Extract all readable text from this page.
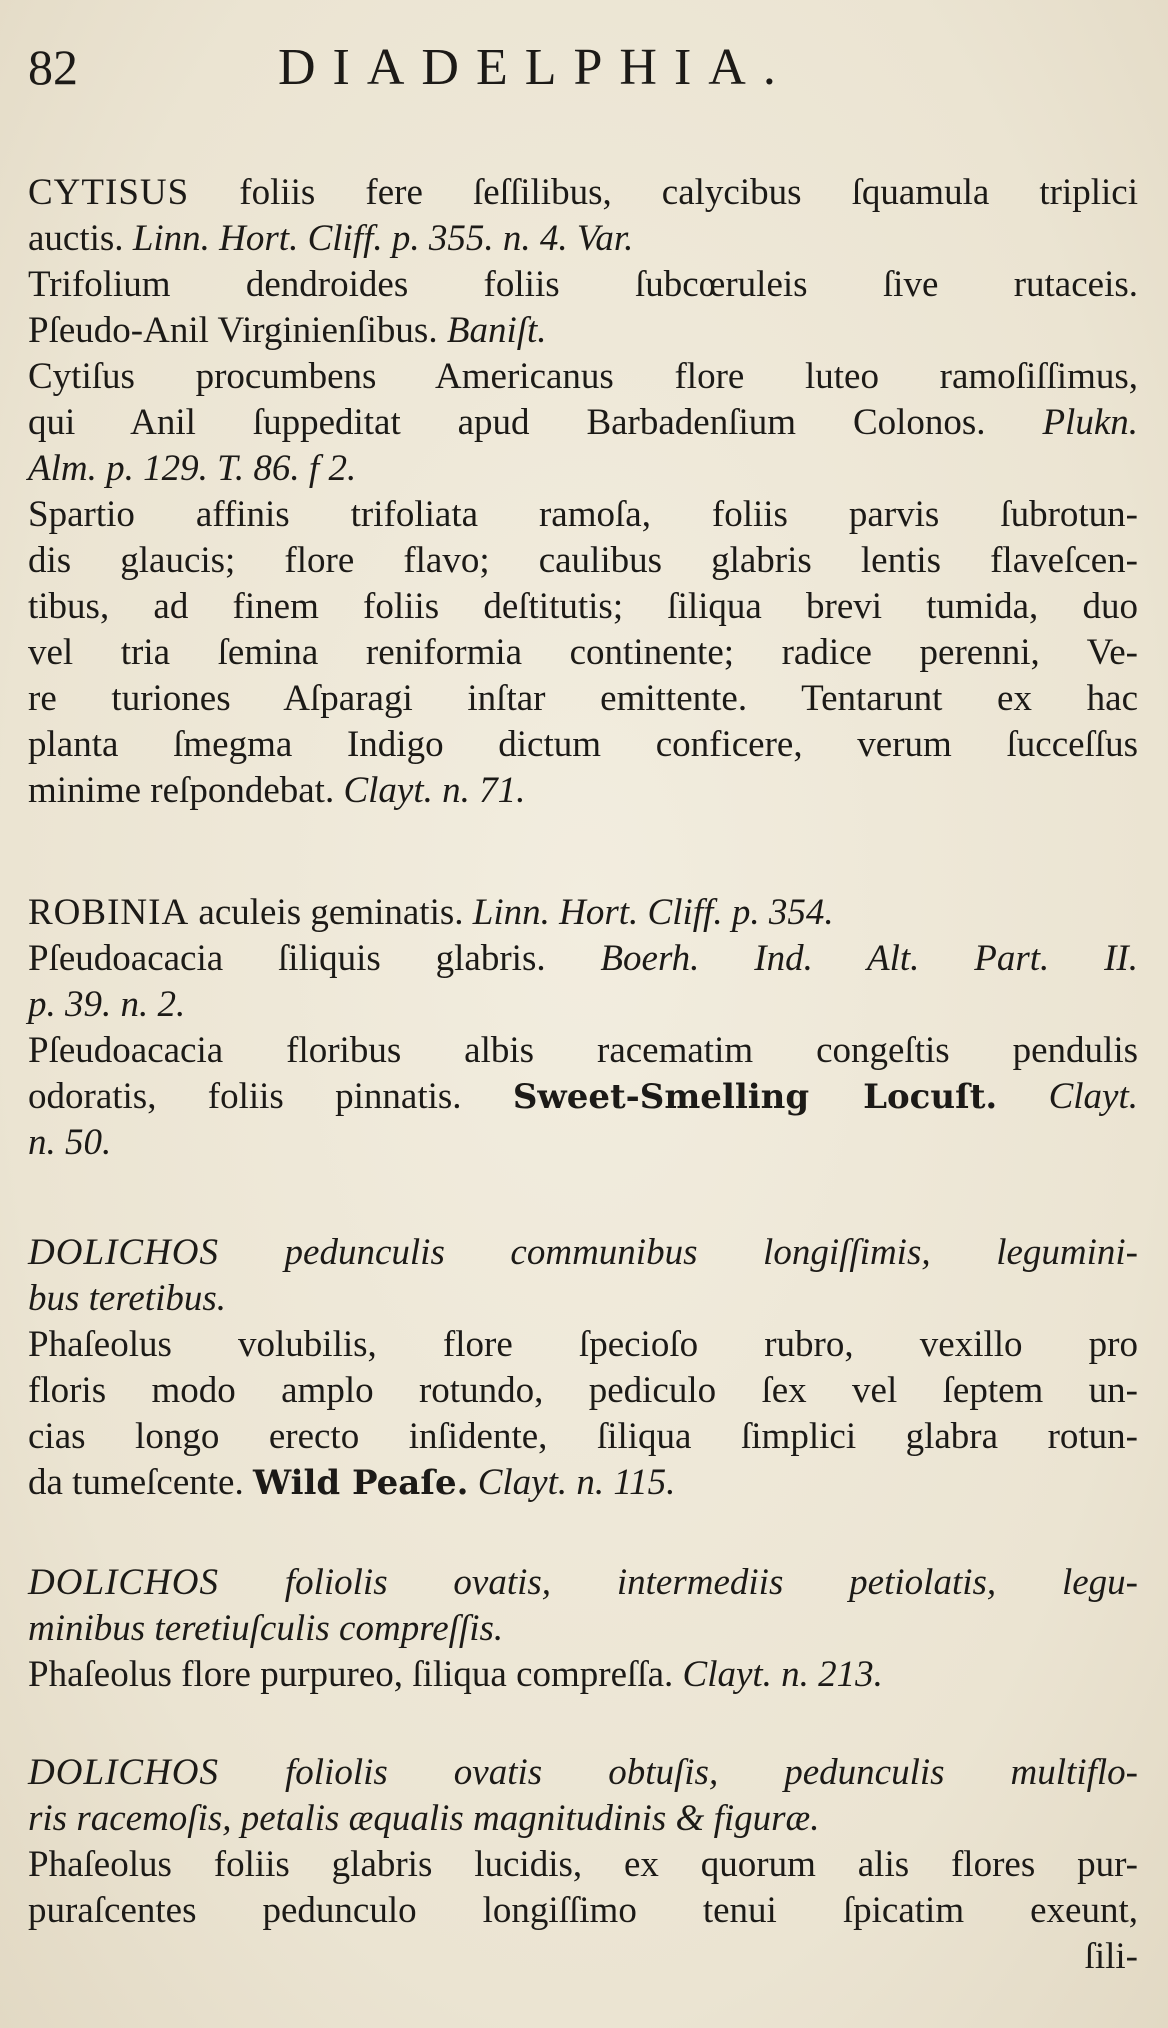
82	DIADELPHIA.
CYTISUS foliis fere ſeſſilibus, calycibus ſquamula triplici
auctis. Linn. Hort. Cliff. p. 355. n. 4. Var.
Trifolium dendroides foliis ſubcœruleis ſive rutaceis.
Pſeudo-Anil Virginienſibus. Baniſt.
Cytiſus procumbens Americanus flore luteo ramoſiſſimus,
qui Anil ſuppeditat apud Barbadenſium Colonos. Plukn.
Alm. p. 129. T. 86. f 2.
Spartio affinis trifoliata ramoſa, foliis parvis ſubrotun-
dis glaucis; flore flavo; caulibus glabris lentis flaveſcen-
tibus, ad finem foliis deſtitutis; ſiliqua brevi tumida, duo
vel tria ſemina reniformia continente; radice perenni, Ve-
re turiones Aſparagi inſtar emittente. Tentarunt ex hac
planta ſmegma Indigo dictum conficere, verum ſucceſſus
minime reſpondebat. Clayt. n. 71.
ROBINIA aculeis geminatis. Linn. Hort. Cliff. p. 354.
Pſeudoacacia ſiliquis glabris. Boerh. Ind. Alt. Part. II.
p. 39. n. 2.
Pſeudoacacia floribus albis racematim congeſtis pendulis
odoratis, foliis pinnatis. Sweet-Smelling Locuſt. Clayt.
n. 50.
DOLICHOS pedunculis communibus longiſſimis, legumini-
bus teretibus.
Phaſeolus volubilis, flore ſpecioſo rubro, vexillo pro
floris modo amplo rotundo, pediculo ſex vel ſeptem un-
cias longo erecto inſidente, ſiliqua ſimplici glabra rotun-
da tumeſcente. Wild Peaſe. Clayt. n. 115.
DOLICHOS foliolis ovatis, intermediis petiolatis, legu-
minibus teretiuſculis compreſſis.
Phaſeolus flore purpureo, ſiliqua compreſſa. Clayt. n. 213.
DOLICHOS foliolis ovatis obtuſis, pedunculis multiflo-
ris racemoſis, petalis æqualis magnitudinis & figuræ.
Phaſeolus foliis glabris lucidis, ex quorum alis flores pur-
puraſcentes pedunculo longiſſimo tenui ſpicatim exeunt,
ſili-
